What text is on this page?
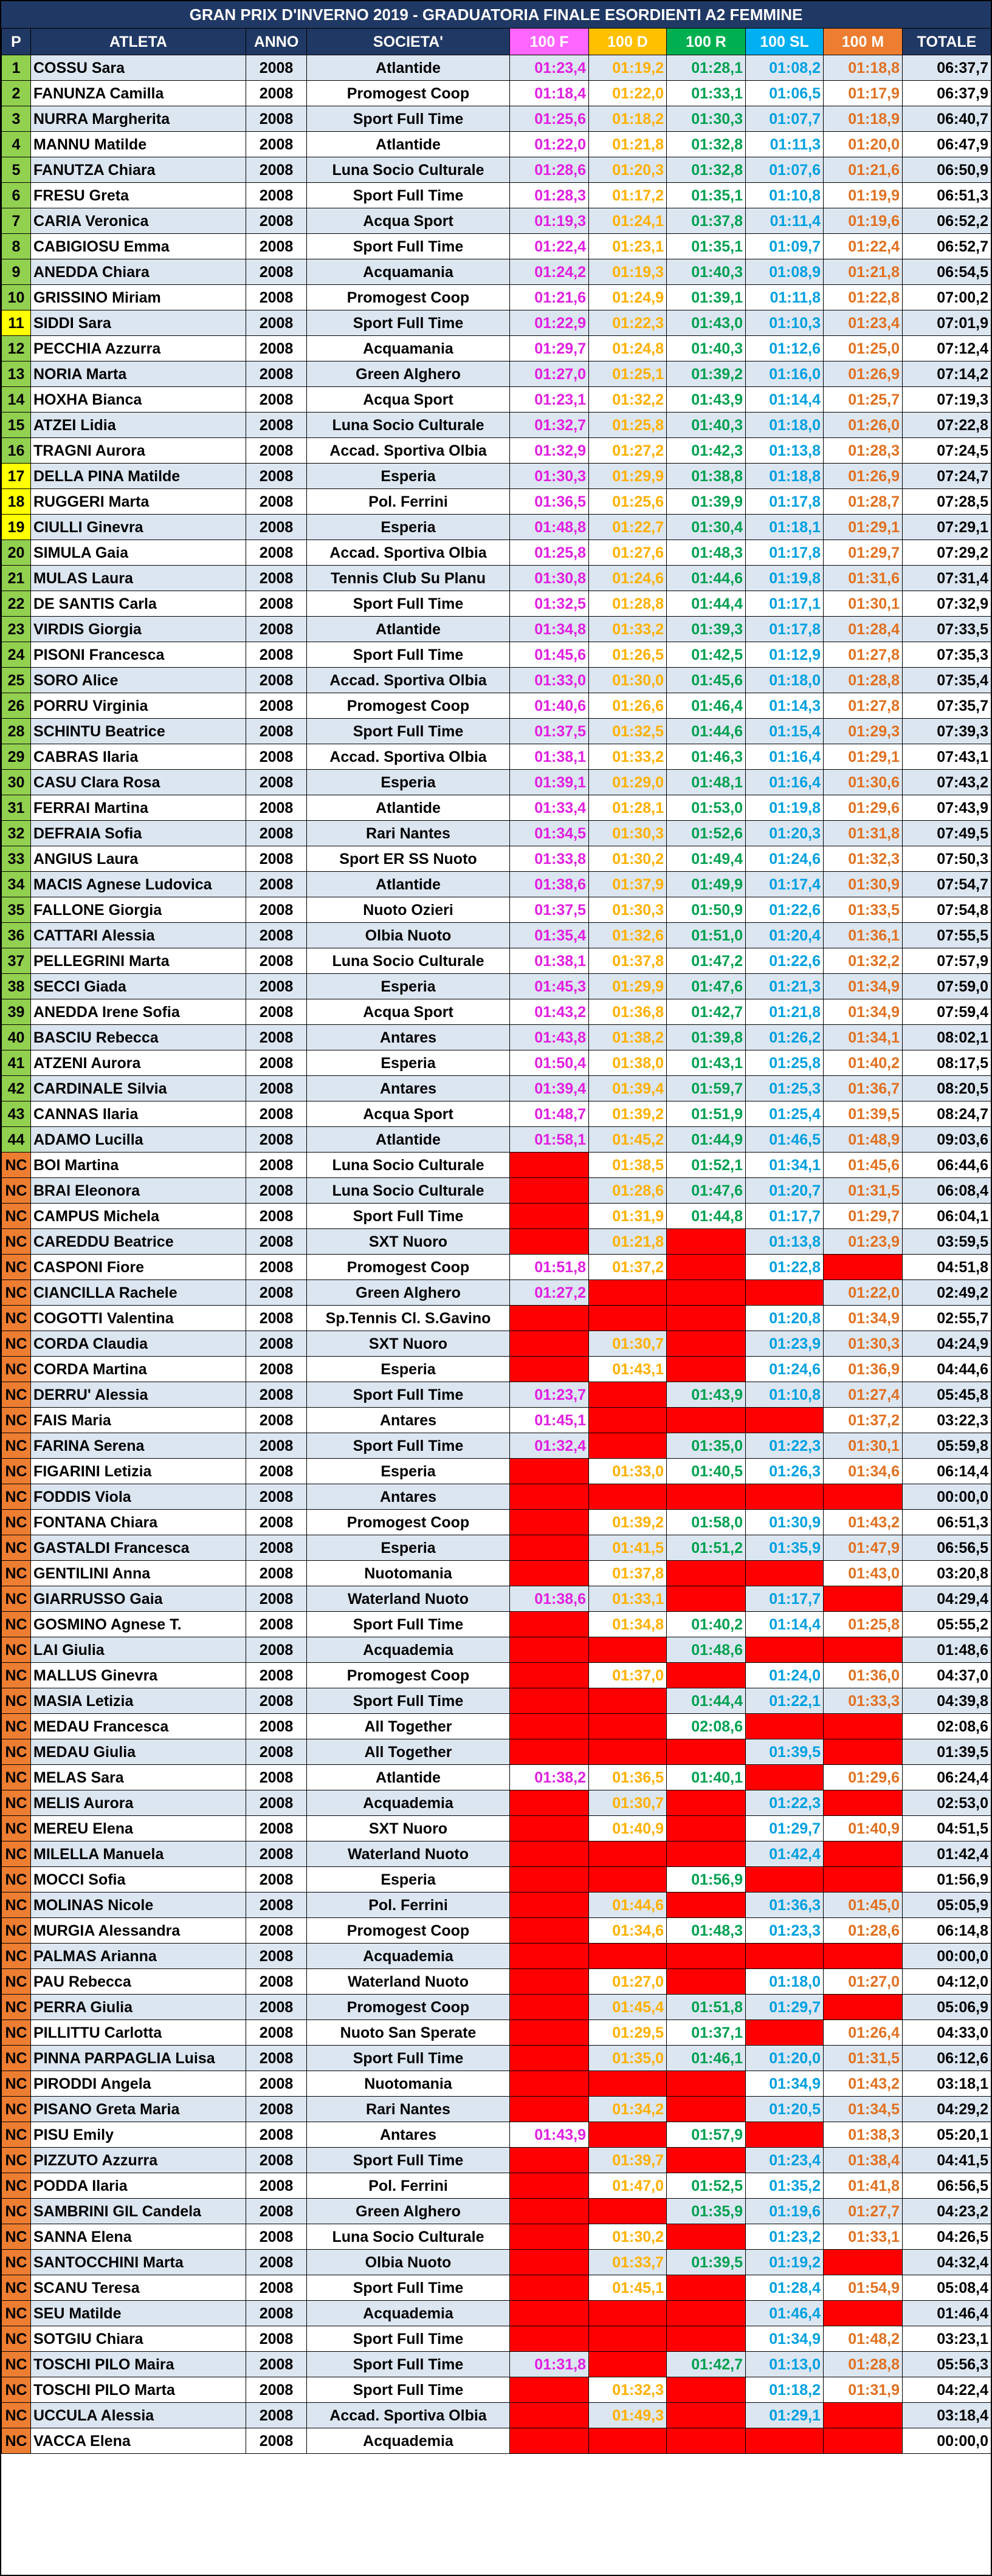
GRAN PRIX D'INVERNO 2019 - GRADUATORIA FINALE ESORDIENTI A2 FEMMINE
P	ATLETA	ANNO	SOCIETA'	100 F	100 D	100 R	100 SL	100 M	TOTALE
1	COSSU Sara	2008	Atlantide	01:23,4	01:19,2	01:28,1	01:08,2	01:18,8	06:37,7
2	FANUNZA Camilla	2008	Promogest Coop	01:18,4	01:22,0	01:33,1	01:06,5	01:17,9	06:37,9
3	NURRA Margherita	2008	Sport Full Time	01:25,6	01:18,2	01:30,3	01:07,7	01:18,9	06:40,7
4	MANNU Matilde	2008	Atlantide	01:22,0	01:21,8	01:32,8	01:11,3	01:20,0	06:47,9
5	FANUTZA Chiara	2008	Luna Socio Culturale	01:28,6	01:20,3	01:32,8	01:07,6	01:21,6	06:50,9
6	FRESU Greta	2008	Sport Full Time	01:28,3	01:17,2	01:35,1	01:10,8	01:19,9	06:51,3
7	CARIA Veronica	2008	Acqua Sport	01:19,3	01:24,1	01:37,8	01:11,4	01:19,6	06:52,2
8	CABIGIOSU Emma	2008	Sport Full Time	01:22,4	01:23,1	01:35,1	01:09,7	01:22,4	06:52,7
9	ANEDDA Chiara	2008	Acquamania	01:24,2	01:19,3	01:40,3	01:08,9	01:21,8	06:54,5
10	GRISSINO Miriam	2008	Promogest Coop	01:21,6	01:24,9	01:39,1	01:11,8	01:22,8	07:00,2
11	SIDDI Sara	2008	Sport Full Time	01:22,9	01:22,3	01:43,0	01:10,3	01:23,4	07:01,9
12	PECCHIA Azzurra	2008	Acquamania	01:29,7	01:24,8	01:40,3	01:12,6	01:25,0	07:12,4
13	NORIA Marta	2008	Green Alghero	01:27,0	01:25,1	01:39,2	01:16,0	01:26,9	07:14,2
14	HOXHA Bianca	2008	Acqua Sport	01:23,1	01:32,2	01:43,9	01:14,4	01:25,7	07:19,3
15	ATZEI Lidia	2008	Luna Socio Culturale	01:32,7	01:25,8	01:40,3	01:18,0	01:26,0	07:22,8
16	TRAGNI Aurora	2008	Accad. Sportiva Olbia	01:32,9	01:27,2	01:42,3	01:13,8	01:28,3	07:24,5
17	DELLA PINA Matilde	2008	Esperia	01:30,3	01:29,9	01:38,8	01:18,8	01:26,9	07:24,7
18	RUGGERI Marta	2008	Pol. Ferrini	01:36,5	01:25,6	01:39,9	01:17,8	01:28,7	07:28,5
19	CIULLI Ginevra	2008	Esperia	01:48,8	01:22,7	01:30,4	01:18,1	01:29,1	07:29,1
20	SIMULA Gaia	2008	Accad. Sportiva Olbia	01:25,8	01:27,6	01:48,3	01:17,8	01:29,7	07:29,2
21	MULAS Laura	2008	Tennis Club Su Planu	01:30,8	01:24,6	01:44,6	01:19,8	01:31,6	07:31,4
22	DE SANTIS Carla	2008	Sport Full Time	01:32,5	01:28,8	01:44,4	01:17,1	01:30,1	07:32,9
23	VIRDIS Giorgia	2008	Atlantide	01:34,8	01:33,2	01:39,3	01:17,8	01:28,4	07:33,5
24	PISONI Francesca	2008	Sport Full Time	01:45,6	01:26,5	01:42,5	01:12,9	01:27,8	07:35,3
25	SORO Alice	2008	Accad. Sportiva Olbia	01:33,0	01:30,0	01:45,6	01:18,0	01:28,8	07:35,4
26	PORRU Virginia	2008	Promogest Coop	01:40,6	01:26,6	01:46,4	01:14,3	01:27,8	07:35,7
28	SCHINTU Beatrice	2008	Sport Full Time	01:37,5	01:32,5	01:44,6	01:15,4	01:29,3	07:39,3
29	CABRAS Ilaria	2008	Accad. Sportiva Olbia	01:38,1	01:33,2	01:46,3	01:16,4	01:29,1	07:43,1
30	CASU Clara Rosa	2008	Esperia	01:39,1	01:29,0	01:48,1	01:16,4	01:30,6	07:43,2
31	FERRAI Martina	2008	Atlantide	01:33,4	01:28,1	01:53,0	01:19,8	01:29,6	07:43,9
32	DEFRAIA Sofia	2008	Rari Nantes	01:34,5	01:30,3	01:52,6	01:20,3	01:31,8	07:49,5
33	ANGIUS Laura	2008	Sport ER SS Nuoto	01:33,8	01:30,2	01:49,4	01:24,6	01:32,3	07:50,3
34	MACIS Agnese Ludovica	2008	Atlantide	01:38,6	01:37,9	01:49,9	01:17,4	01:30,9	07:54,7
35	FALLONE Giorgia	2008	Nuoto Ozieri	01:37,5	01:30,3	01:50,9	01:22,6	01:33,5	07:54,8
36	CATTARI Alessia	2008	Olbia Nuoto	01:35,4	01:32,6	01:51,0	01:20,4	01:36,1	07:55,5
37	PELLEGRINI Marta	2008	Luna Socio Culturale	01:38,1	01:37,8	01:47,2	01:22,6	01:32,2	07:57,9
38	SECCI Giada	2008	Esperia	01:45,3	01:29,9	01:47,6	01:21,3	01:34,9	07:59,0
39	ANEDDA Irene Sofia	2008	Acqua Sport	01:43,2	01:36,8	01:42,7	01:21,8	01:34,9	07:59,4
40	BASCIU Rebecca	2008	Antares	01:43,8	01:38,2	01:39,8	01:26,2	01:34,1	08:02,1
41	ATZENI Aurora	2008	Esperia	01:50,4	01:38,0	01:43,1	01:25,8	01:40,2	08:17,5
42	CARDINALE Silvia	2008	Antares	01:39,4	01:39,4	01:59,7	01:25,3	01:36,7	08:20,5
43	CANNAS Ilaria	2008	Acqua Sport	01:48,7	01:39,2	01:51,9	01:25,4	01:39,5	08:24,7
44	ADAMO Lucilla	2008	Atlantide	01:58,1	01:45,2	01:44,9	01:46,5	01:48,9	09:03,6
NC	BOI Martina	2008	Luna Socio Culturale		01:38,5	01:52,1	01:34,1	01:45,6	06:44,6
NC	BRAI Eleonora	2008	Luna Socio Culturale		01:28,6	01:47,6	01:20,7	01:31,5	06:08,4
NC	CAMPUS Michela	2008	Sport Full Time		01:31,9	01:44,8	01:17,7	01:29,7	06:04,1
NC	CAREDDU Beatrice	2008	SXT Nuoro		01:21,8		01:13,8	01:23,9	03:59,5
NC	CASPONI Fiore	2008	Promogest Coop	01:51,8	01:37,2		01:22,8		04:51,8
NC	CIANCILLA Rachele	2008	Green Alghero	01:27,2				01:22,0	02:49,2
NC	COGOTTI Valentina	2008	Sp.Tennis Cl. S.Gavino				01:20,8	01:34,9	02:55,7
NC	CORDA Claudia	2008	SXT Nuoro		01:30,7		01:23,9	01:30,3	04:24,9
NC	CORDA Martina	2008	Esperia		01:43,1		01:24,6	01:36,9	04:44,6
NC	DERRU' Alessia	2008	Sport Full Time	01:23,7		01:43,9	01:10,8	01:27,4	05:45,8
NC	FAIS Maria	2008	Antares	01:45,1				01:37,2	03:22,3
NC	FARINA Serena	2008	Sport Full Time	01:32,4		01:35,0	01:22,3	01:30,1	05:59,8
NC	FIGARINI Letizia	2008	Esperia		01:33,0	01:40,5	01:26,3	01:34,6	06:14,4
NC	FODDIS Viola	2008	Antares						00:00,0
NC	FONTANA Chiara	2008	Promogest Coop		01:39,2	01:58,0	01:30,9	01:43,2	06:51,3
NC	GASTALDI Francesca	2008	Esperia		01:41,5	01:51,2	01:35,9	01:47,9	06:56,5
NC	GENTILINI Anna	2008	Nuotomania		01:37,8			01:43,0	03:20,8
NC	GIARRUSSO Gaia	2008	Waterland Nuoto	01:38,6	01:33,1		01:17,7		04:29,4
NC	GOSMINO Agnese T.	2008	Sport Full Time		01:34,8	01:40,2	01:14,4	01:25,8	05:55,2
NC	LAI Giulia	2008	Acquademia			01:48,6			01:48,6
NC	MALLUS Ginevra	2008	Promogest Coop		01:37,0		01:24,0	01:36,0	04:37,0
NC	MASIA Letizia	2008	Sport Full Time			01:44,4	01:22,1	01:33,3	04:39,8
NC	MEDAU Francesca	2008	All Together			02:08,6			02:08,6
NC	MEDAU Giulia	2008	All Together				01:39,5		01:39,5
NC	MELAS Sara	2008	Atlantide	01:38,2	01:36,5	01:40,1		01:29,6	06:24,4
NC	MELIS Aurora	2008	Acquademia		01:30,7		01:22,3		02:53,0
NC	MEREU Elena	2008	SXT Nuoro		01:40,9		01:29,7	01:40,9	04:51,5
NC	MILELLA Manuela	2008	Waterland Nuoto				01:42,4		01:42,4
NC	MOCCI Sofia	2008	Esperia			01:56,9			01:56,9
NC	MOLINAS Nicole	2008	Pol. Ferrini		01:44,6		01:36,3	01:45,0	05:05,9
NC	MURGIA Alessandra	2008	Promogest Coop		01:34,6	01:48,3	01:23,3	01:28,6	06:14,8
NC	PALMAS Arianna	2008	Acquademia						00:00,0
NC	PAU Rebecca	2008	Waterland Nuoto		01:27,0		01:18,0	01:27,0	04:12,0
NC	PERRA Giulia	2008	Promogest Coop		01:45,4	01:51,8	01:29,7		05:06,9
NC	PILLITTU Carlotta	2008	Nuoto San Sperate		01:29,5	01:37,1		01:26,4	04:33,0
NC	PINNA PARPAGLIA Luisa	2008	Sport Full Time		01:35,0	01:46,1	01:20,0	01:31,5	06:12,6
NC	PIRODDI Angela	2008	Nuotomania				01:34,9	01:43,2	03:18,1
NC	PISANO Greta Maria	2008	Rari Nantes		01:34,2		01:20,5	01:34,5	04:29,2
NC	PISU Emily	2008	Antares	01:43,9		01:57,9		01:38,3	05:20,1
NC	PIZZUTO Azzurra	2008	Sport Full Time		01:39,7		01:23,4	01:38,4	04:41,5
NC	PODDA Ilaria	2008	Pol. Ferrini		01:47,0	01:52,5	01:35,2	01:41,8	06:56,5
NC	SAMBRINI GIL Candela	2008	Green Alghero			01:35,9	01:19,6	01:27,7	04:23,2
NC	SANNA Elena	2008	Luna Socio Culturale		01:30,2		01:23,2	01:33,1	04:26,5
NC	SANTOCCHINI Marta	2008	Olbia Nuoto		01:33,7	01:39,5	01:19,2		04:32,4
NC	SCANU Teresa	2008	Sport Full Time		01:45,1		01:28,4	01:54,9	05:08,4
NC	SEU Matilde	2008	Acquademia				01:46,4		01:46,4
NC	SOTGIU Chiara	2008	Sport Full Time				01:34,9	01:48,2	03:23,1
NC	TOSCHI PILO Maira	2008	Sport Full Time	01:31,8		01:42,7	01:13,0	01:28,8	05:56,3
NC	TOSCHI PILO Marta	2008	Sport Full Time		01:32,3		01:18,2	01:31,9	04:22,4
NC	UCCULA Alessia	2008	Accad. Sportiva Olbia		01:49,3		01:29,1		03:18,4
NC	VACCA Elena	2008	Acquademia						00:00,0
